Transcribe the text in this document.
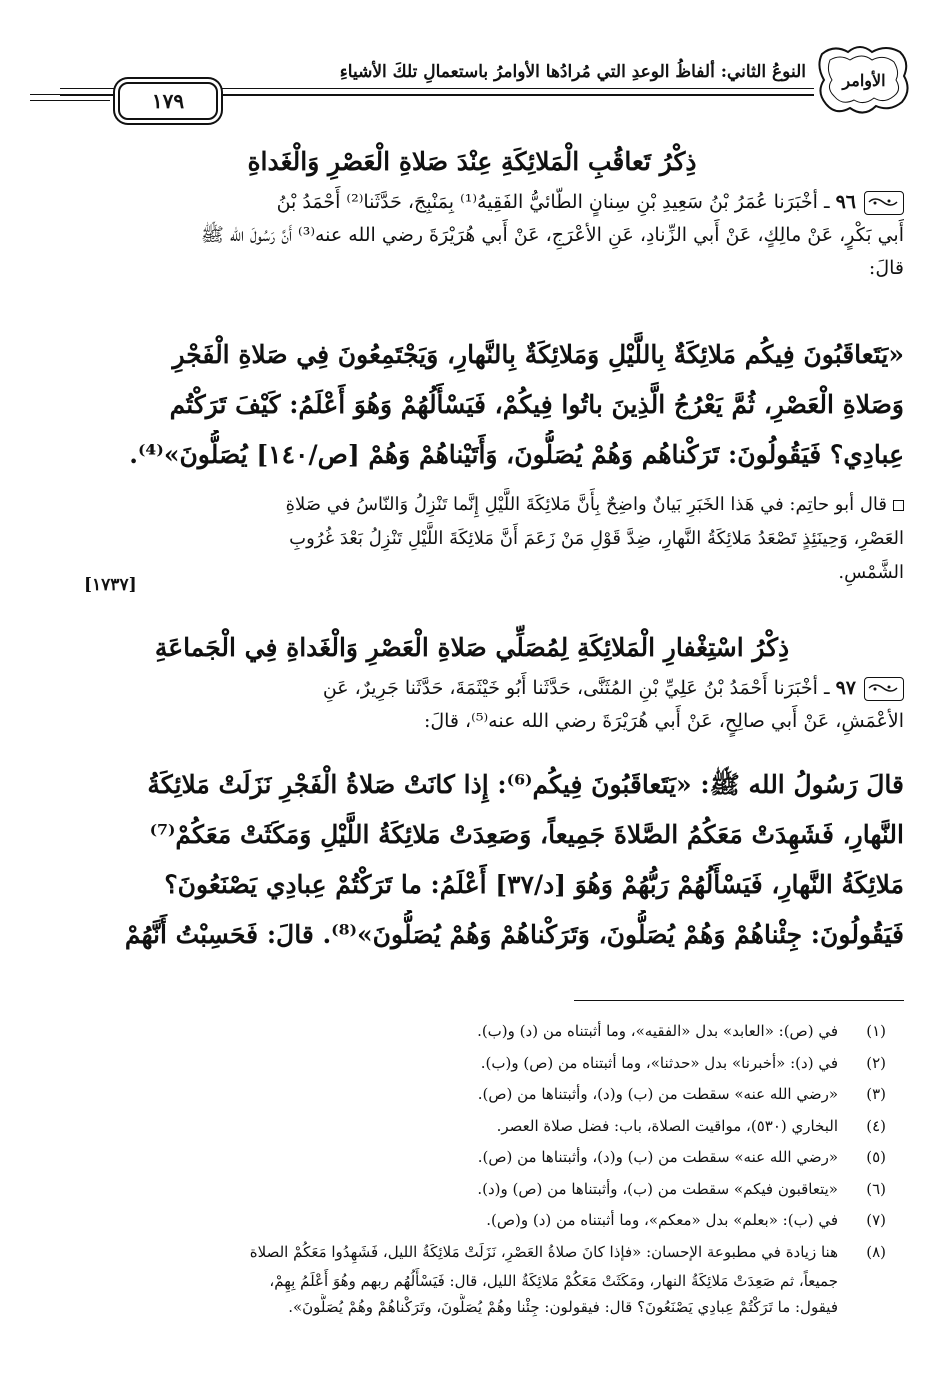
الأوامر
النوعُ الثاني: ألفاظُ الوعدِ التي مُرادُها الأوامرُ باستعمالِ تلكَ الأشياءِ
١٧٩
ذِكْرُ تَعاقُبِ الْمَلائِكَةِ عِنْدَ صَلاةِ الْعَصْرِ وَالْغَداةِ
٩٦ ـ أخْبَرَنا عُمَرُ بْنُ سَعِيدِ بْنِ سِنانٍ الطّائيُّ الفَقِيهُ⁽¹⁾ بِمَنْبِجَ، حَدَّثَنا⁽²⁾ أَحْمَدُ بْنُ
أَبي بَكْرٍ، عَنْ مالِكٍ، عَنْ أَبي الزِّنادِ، عَنِ الأعْرَجِ، عَنْ أَبي هُرَيْرَةَ رضي الله عنه⁽³⁾ أَنَّ رَسُولَ الله ﷺ
قالَ:
«يَتَعاقَبُونَ فِيكُم مَلائِكَةٌ بِاللَّيْلِ وَمَلائِكَةٌ بِالنَّهارِ، وَيَجْتَمِعُونَ فِي صَلاةِ الْفَجْرِ
وَصَلاةِ الْعَصْرِ، ثُمَّ يَعْرُجُ الَّذِينَ باتُوا فِيكُمْ، فَيَسْأَلُهُمْ وَهُوَ أَعْلَمُ: كَيْفَ تَرَكْتُم
عِبادِي؟ فَيَقُولُونَ: تَرَكْناهُم وَهُمْ يُصَلُّونَ، وَأَتَيْناهُمْ وَهُمْ [ص/١٤٠] يُصَلُّونَ»⁽⁴⁾.
قال أبو حاتِم: في هَذا الخَبَرِ بَيانٌ واضِحٌ بِأَنَّ مَلائِكَةَ اللَّيْلِ إِنَّما تَنْزِلُ وَالنّاسُ في صَلاةِ
العَصْرِ، وَحِينَئِذٍ تَصْعَدُ مَلائِكَةُ النَّهارِ، ضِدَّ قَوْلِ مَنْ زَعَمَ أَنَّ مَلائِكَةَ اللَّيْلِ تَنْزِلُ بَعْدَ غُرُوبِ
الشَّمْسِ.
[١٧٣٧]
ذِكْرُ اسْتِغْفارِ الْمَلائِكَةِ لِمُصَلِّي صَلاةِ الْعَصْرِ وَالْغَداةِ فِي الْجَماعَةِ
٩٧ ـ أخْبَرَنا أَحْمَدُ بْنُ عَلِيِّ بْنِ المُثَنَّى، حَدَّثَنا أَبُو خَيْثَمَةَ، حَدَّثَنا جَرِيرٌ، عَنِ
الأعْمَشِ، عَنْ أَبي صالِحٍ، عَنْ أَبي هُرَيْرَةَ رضي الله عنه⁽⁵⁾، قالَ:
قالَ رَسُولُ الله ﷺ: «يَتَعاقَبُونَ فِيكُم⁽⁶⁾: إِذا كانَتْ صَلاةُ الْفَجْرِ نَزَلَتْ مَلائِكَةُ
النَّهارِ، فَشَهِدَتْ مَعَكُمُ الصَّلاةَ جَمِيعاً، وَصَعِدَتْ مَلائِكَةُ اللَّيْلِ وَمَكَثَتْ مَعَكُمْ⁽⁷⁾
مَلائِكَةُ النَّهارِ، فَيَسْأَلُهُمْ رَبُّهُمْ وَهُوَ [د/٣٧] أَعْلَمُ: ما تَرَكْتُمْ عِبادِي يَصْنَعُونَ؟
فَيَقُولُونَ: جِئْناهُمْ وَهُمْ يُصَلُّونَ، وَتَرَكْناهُمْ وَهُمْ يُصَلُّونَ»⁽⁸⁾. قالَ: فَحَسِبْتُ أَنَّهُمْ
(١)
في (ص): «العابد» بدل «الفقيه»، وما أثبتناه من (د) و(ب).
(٢)
في (د): «أخبرنا» بدل «حدثنا»، وما أثبتناه من (ص) و(ب).
(٣)
«رضي الله عنه» سقطت من (ب) و(د)، وأثبتناها من (ص).
(٤)
البخاري (٥٣٠)، مواقيت الصلاة، باب: فضل صلاة العصر.
(٥)
«رضي الله عنه» سقطت من (ب) و(د)، وأثبتناها من (ص).
(٦)
«يتعاقبون فيكم» سقطت من (ب)، وأثبتناها من (ص) و(د).
(٧)
في (ب): «بعلم» بدل «معكم»، وما أثبتناه من (د) و(ص).
(٨)
هنا زيادة في مطبوعة الإحسان: «فإذا كانَ صلاةُ العَصْرِ، نَزَلَتْ مَلائِكَةُ الليل، فَشَهِدُوا مَعَكُمْ الصلاة
جميعاً، ثم صَعِدَتْ مَلائِكَةُ النهار، ومَكَثَتْ مَعَكُمْ مَلائِكَةُ الليل، قال: فَيَسْأَلُهُم ربهم وهُوَ أَعْلَمُ بِهِمْ،
فيقول: ما تَرَكْتُمْ عِبادِي يَصْنَعُونَ؟ قال: فيقولون: جِئْنا وهُمْ يُصَلُّونَ، وتَرَكْناهُمْ وهُمْ يُصَلُّونَ».
